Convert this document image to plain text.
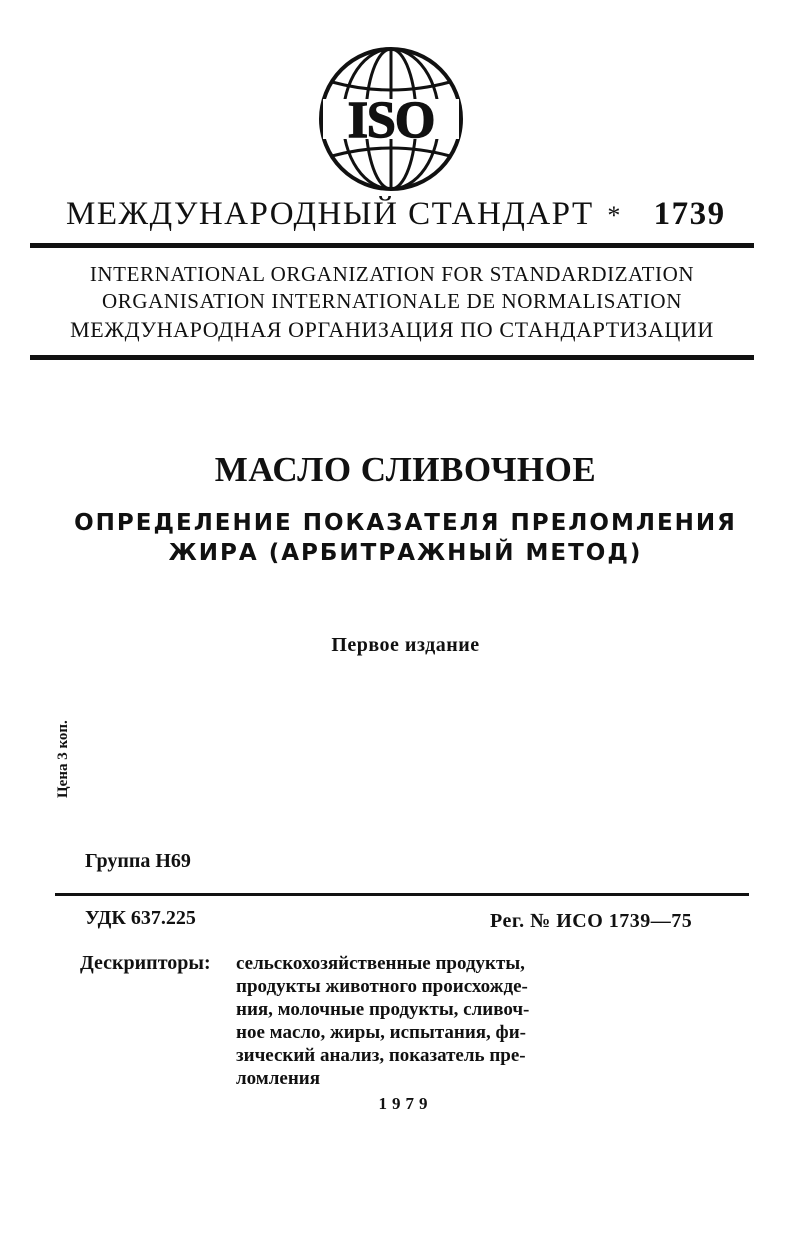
ISO
МЕЖДУНАРОДНЫЙ СТАНДАРТ * 1739
INTERNATIONAL ORGANIZATION FOR STANDARDIZATION
ORGANISATION INTERNATIONALE DE NORMALISATION
МЕЖДУНАРОДНАЯ ОРГАНИЗАЦИЯ ПО СТАНДАРТИЗАЦИИ
МАСЛО СЛИВОЧНОЕ
ОПРЕДЕЛЕНИЕ ПОКАЗАТЕЛЯ ПРЕЛОМЛЕНИЯ
ЖИРА (АРБИТРАЖНЫЙ МЕТОД)
Первое издание
Цена 3 коп.
Группа Н69
УДК 637.225	Рег. № ИСО 1739—75
Дескрипторы: сельскохозяйственные продукты,
продукты животного происхожде-
ния, молочные продукты, сливоч-
ное масло, жиры, испытания, фи-
зический анализ, показатель пре-
ломления
1979
